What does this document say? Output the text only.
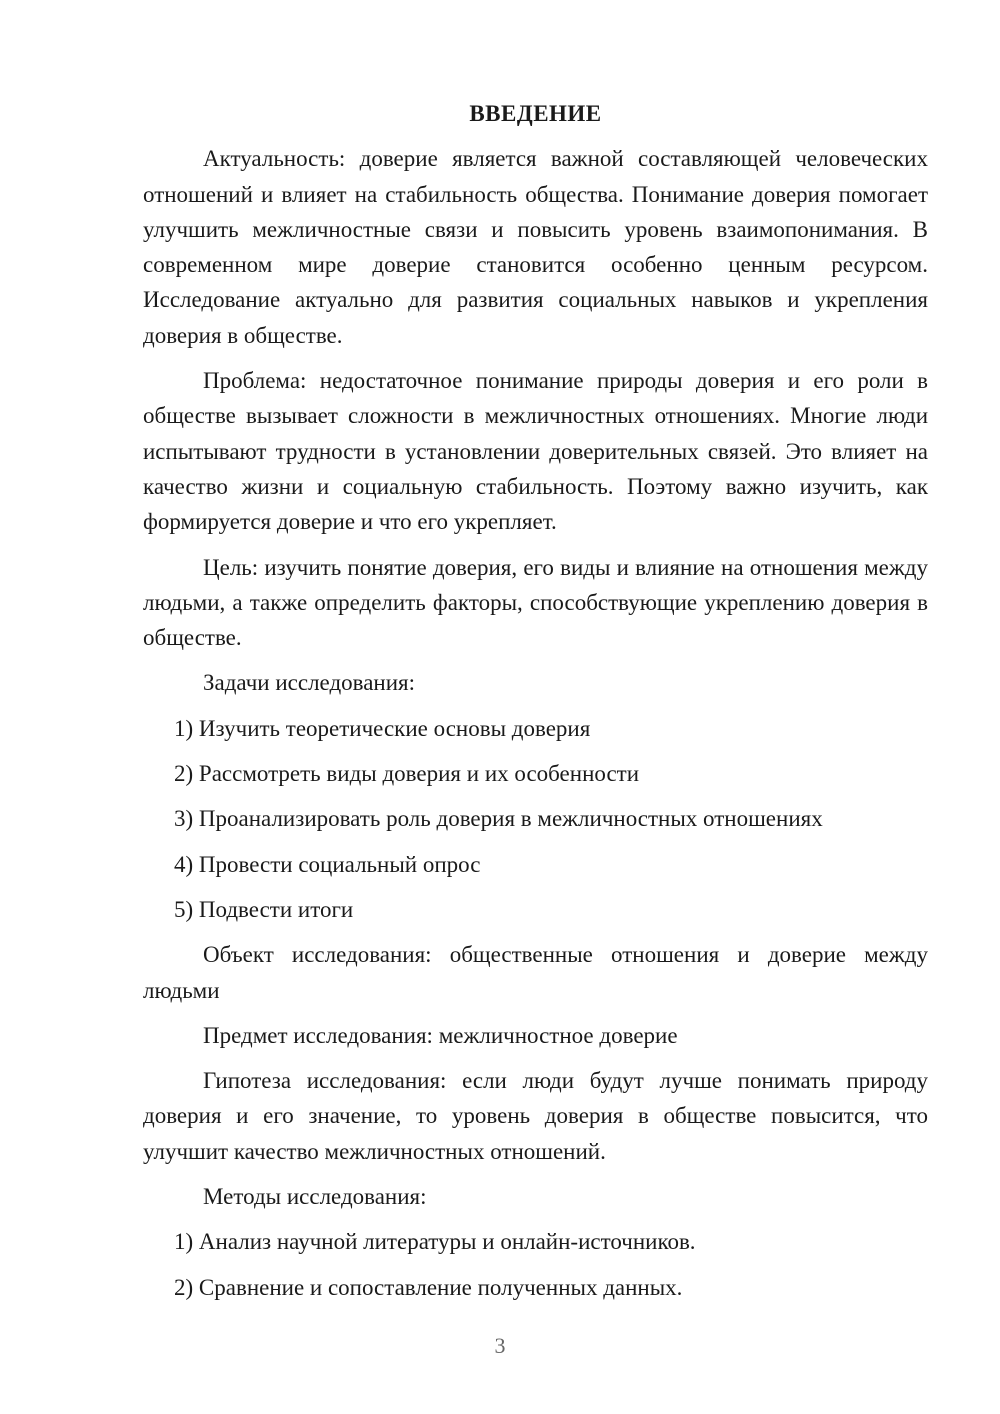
ВВЕДЕНИЕ
Актуальность: доверие является важной составляющей человеческих отношений и влияет на стабильность общества. Понимание доверия помогает улучшить межличностные связи и повысить уровень взаимопонимания. В современном мире доверие становится особенно ценным ресурсом. Исследование актуально для развития социальных навыков и укрепления доверия в обществе.
Проблема: недостаточное понимание природы доверия и его роли в обществе вызывает сложности в межличностных отношениях. Многие люди испытывают трудности в установлении доверительных связей. Это влияет на качество жизни и социальную стабильность. Поэтому важно изучить, как формируется доверие и что его укрепляет.
Цель: изучить понятие доверия, его виды и влияние на отношения между людьми, а также определить факторы, способствующие укреплению доверия в обществе.
Задачи исследования:
1) Изучить теоретические основы доверия
2) Рассмотреть виды доверия и их особенности
3) Проанализировать роль доверия в межличностных отношениях
4) Провести социальный опрос
5) Подвести итоги
Объект исследования: общественные отношения и доверие между людьми
Предмет исследования: межличностное доверие
Гипотеза исследования: если люди будут лучше понимать природу доверия и его значение, то уровень доверия в обществе повысится, что улучшит качество межличностных отношений.
Методы исследования:
1) Анализ научной литературы и онлайн-источников.
2) Сравнение и сопоставление полученных данных.
3
